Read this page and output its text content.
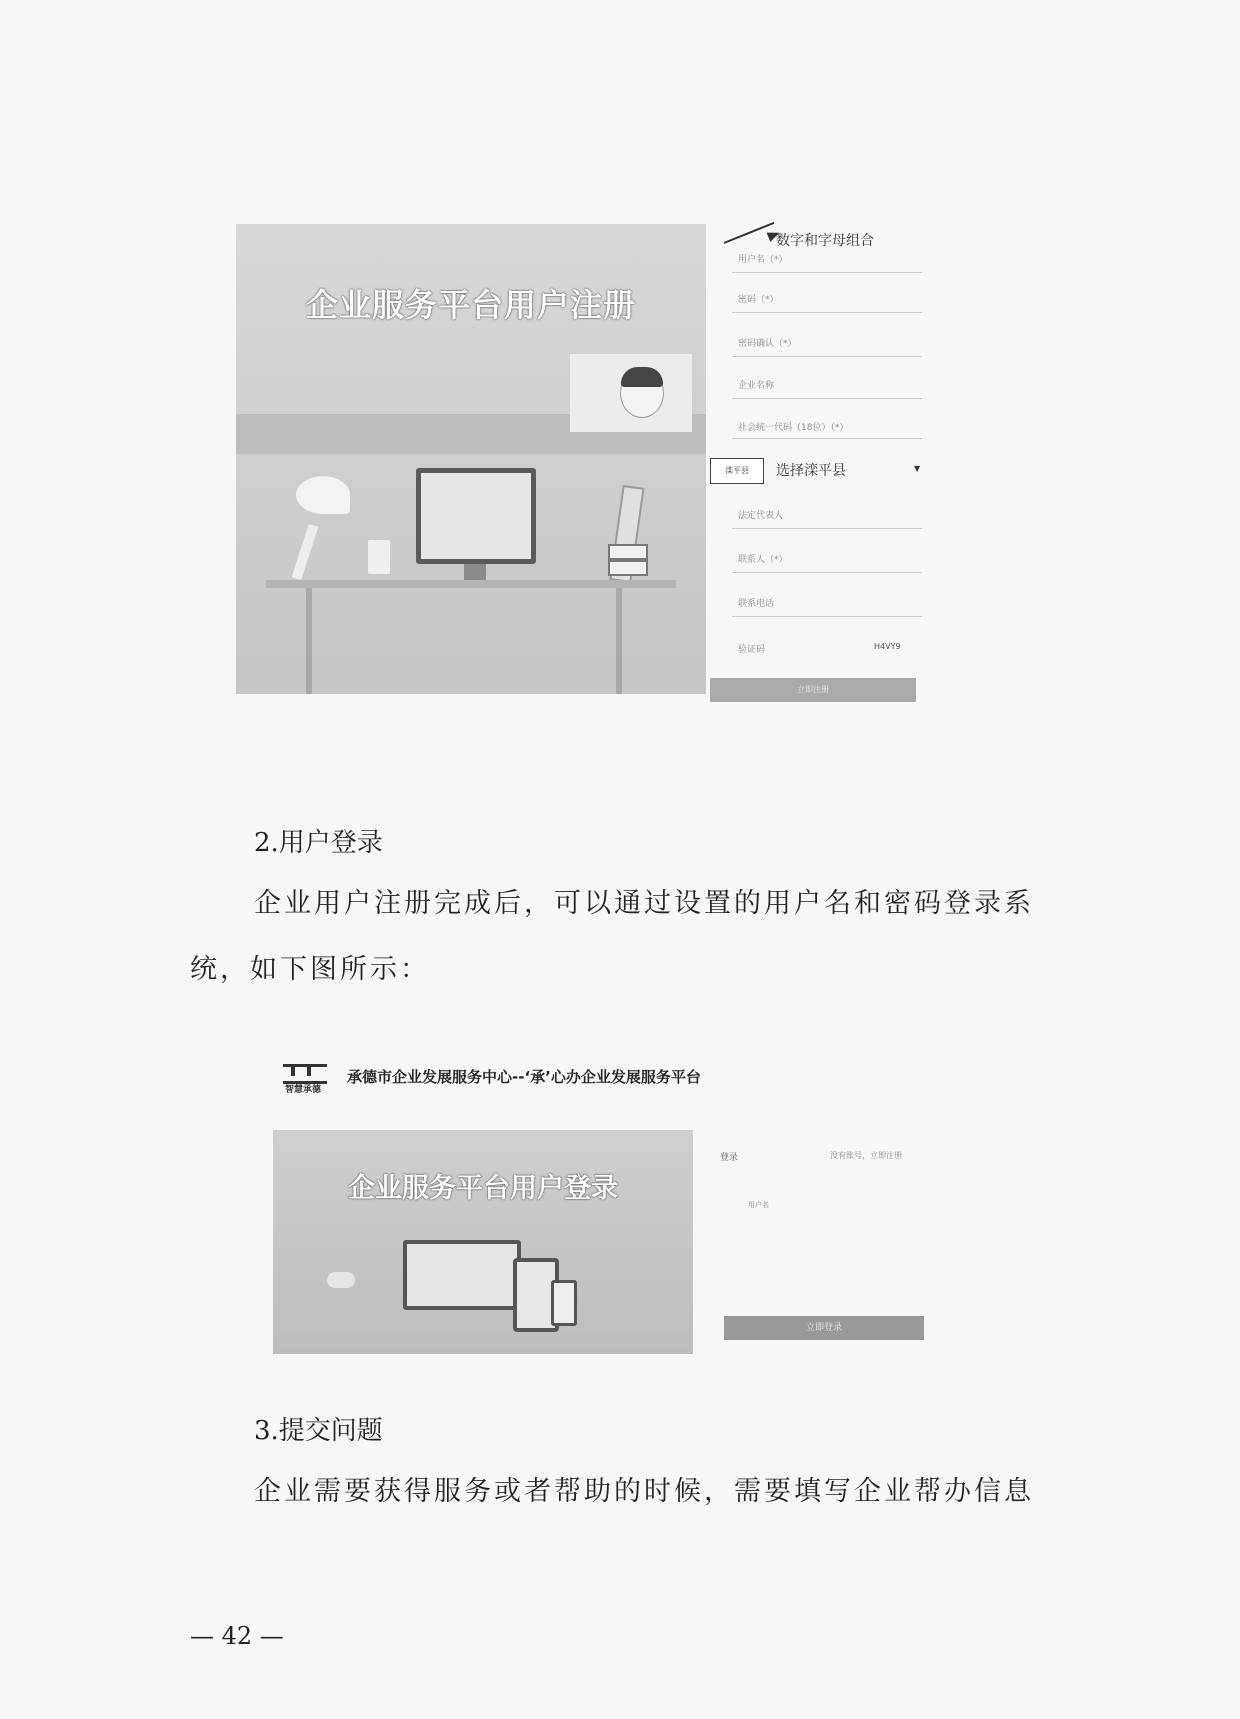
企业服务平台用户注册
数字和字母组合
用户名（*）
密码（*）
密码确认（*）
企业名称
社会统一代码（18位）（*）
滦平县	选择滦平县	▼
法定代表人
联系人（*）
联系电话
验证码	H4VY9
立即注册
2.用户登录
企业用户注册完成后，可以通过设置的用户名和密码登录系
统，如下图所示：
智慧承德
承德市企业发展服务中心--‘承’心办企业发展服务平台
企业服务平台用户登录
登录	没有账号，立即注册
用户名
立即登录
3.提交问题
企业需要获得服务或者帮助的时候，需要填写企业帮办信息
— 42 —
